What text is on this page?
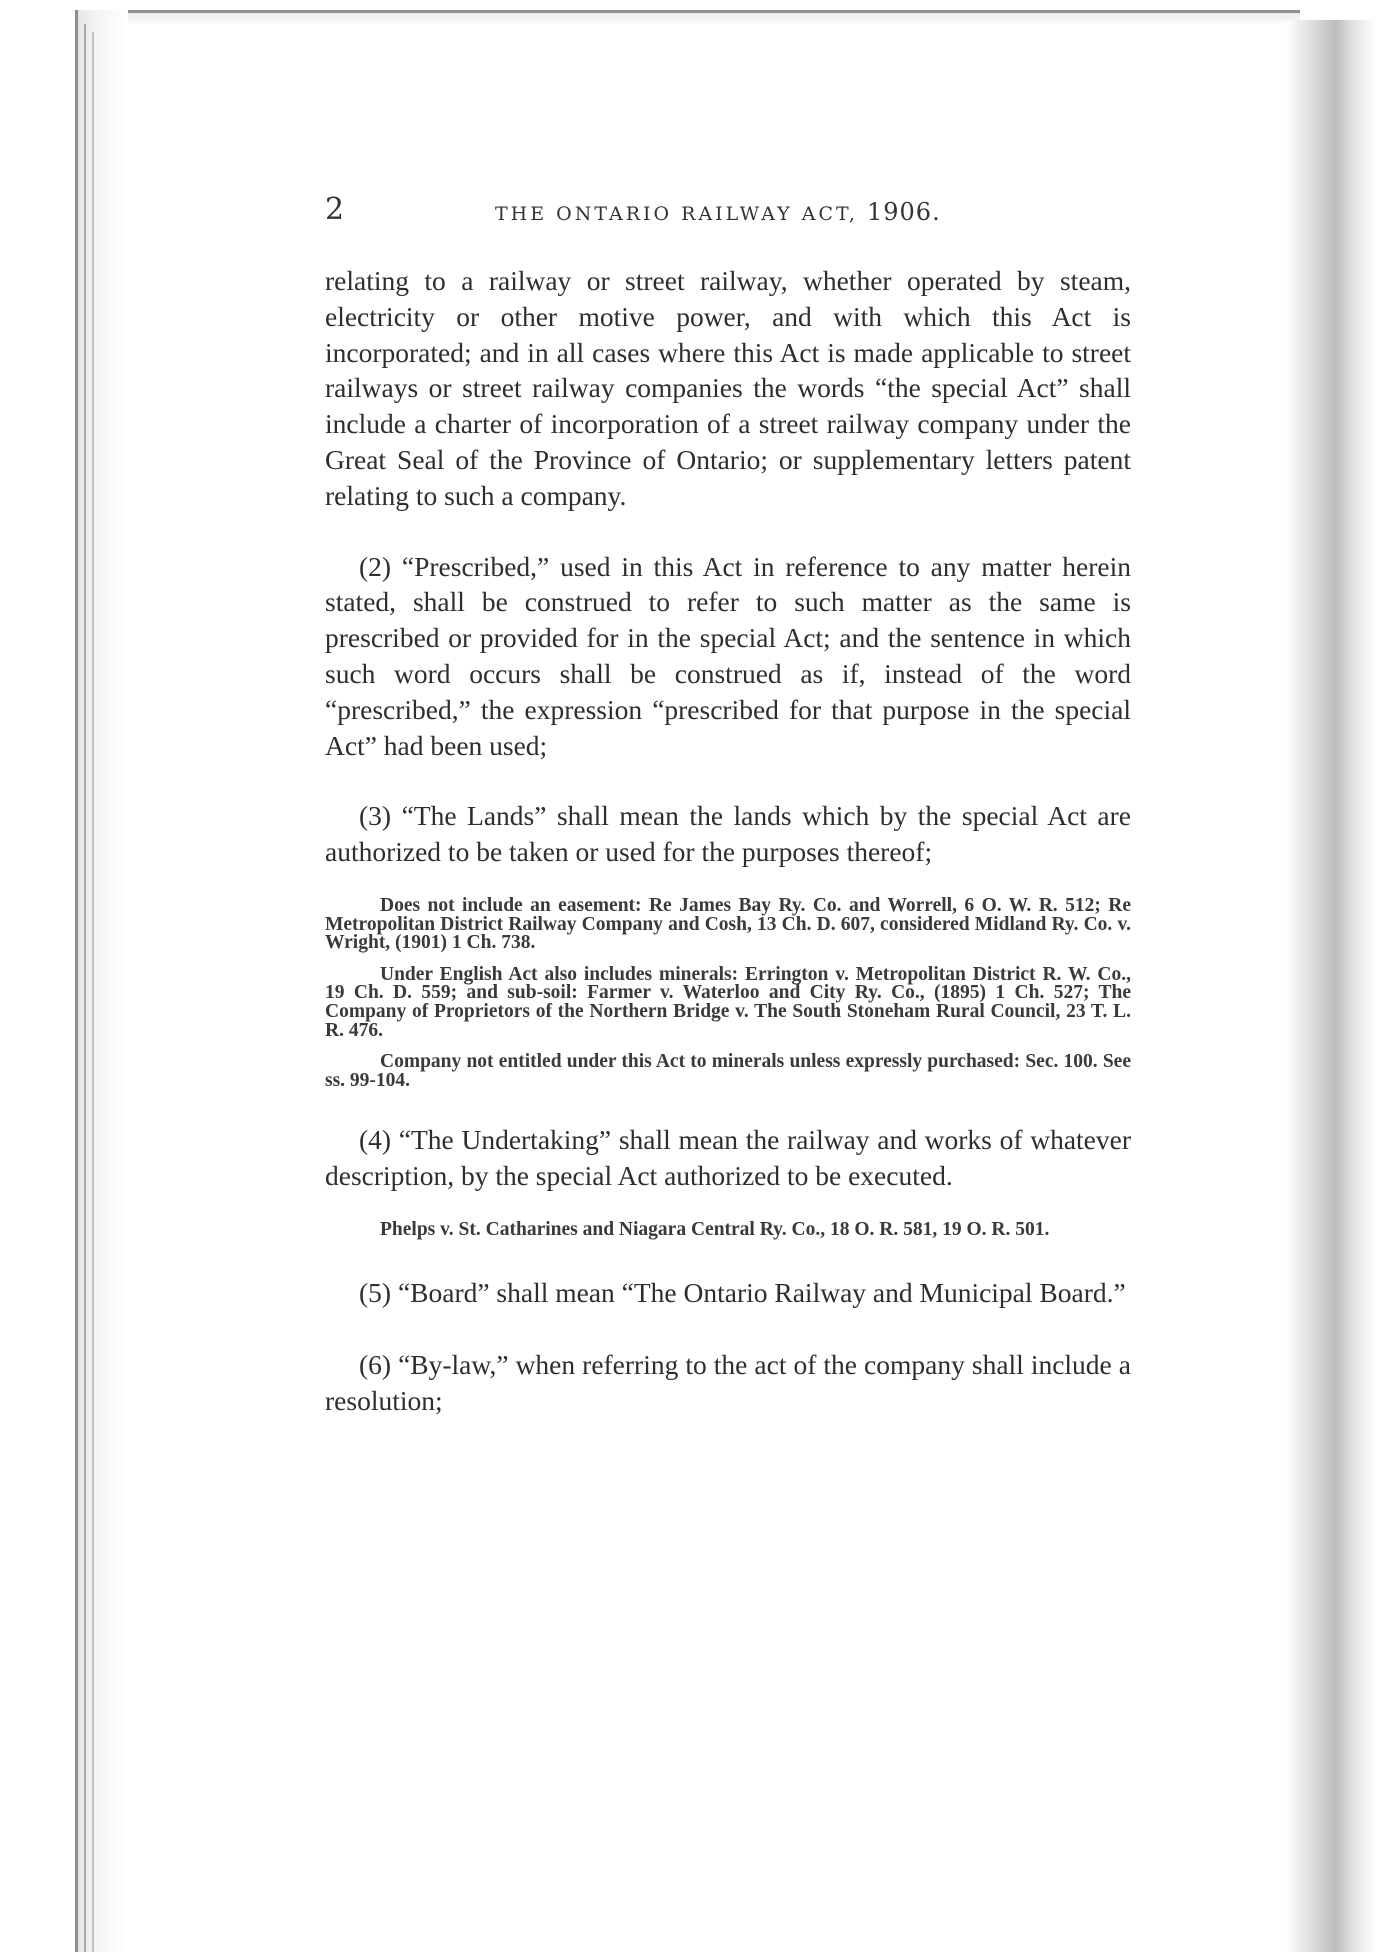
2	THE ONTARIO RAILWAY ACT, 1906.

relating to a railway or street railway, whether operated by steam, electricity or other motive power, and with which this Act is incorporated; and in all cases where this Act is made applicable to street railways or street railway companies the words “the special Act” shall include a charter of incorporation of a street railway company under the Great Seal of the Province of Ontario; or supplementary letters patent relating to such a company.

(2) “Prescribed,” used in this Act in reference to any matter herein stated, shall be construed to refer to such matter as the same is prescribed or provided for in the special Act; and the sentence in which such word occurs shall be construed as if, instead of the word “prescribed,” the expression “prescribed for that purpose in the special Act” had been used;

(3) “The Lands” shall mean the lands which by the special Act are authorized to be taken or used for the purposes thereof;

Does not include an easement: Re James Bay Ry. Co. and Worrell, 6 O. W. R. 512; Re Metropolitan District Railway Company and Cosh, 13 Ch. D. 607, considered Midland Ry. Co. v. Wright, (1901) 1 Ch. 738.

Under English Act also includes minerals: Errington v. Metropolitan District R. W. Co., 19 Ch. D. 559; and sub-soil: Farmer v. Waterloo and City Ry. Co., (1895) 1 Ch. 527; The Company of Proprietors of the Northern Bridge v. The South Stoneham Rural Council, 23 T. L. R. 476.

Company not entitled under this Act to minerals unless expressly purchased: Sec. 100. See ss. 99-104.

(4) “The Undertaking” shall mean the railway and works of whatever description, by the special Act authorized to be executed.

Phelps v. St. Catharines and Niagara Central Ry. Co., 18 O. R. 581, 19 O. R. 501.

(5) “Board” shall mean “The Ontario Railway and Municipal Board.”

(6) “By-law,” when referring to the act of the company shall include a resolution;
